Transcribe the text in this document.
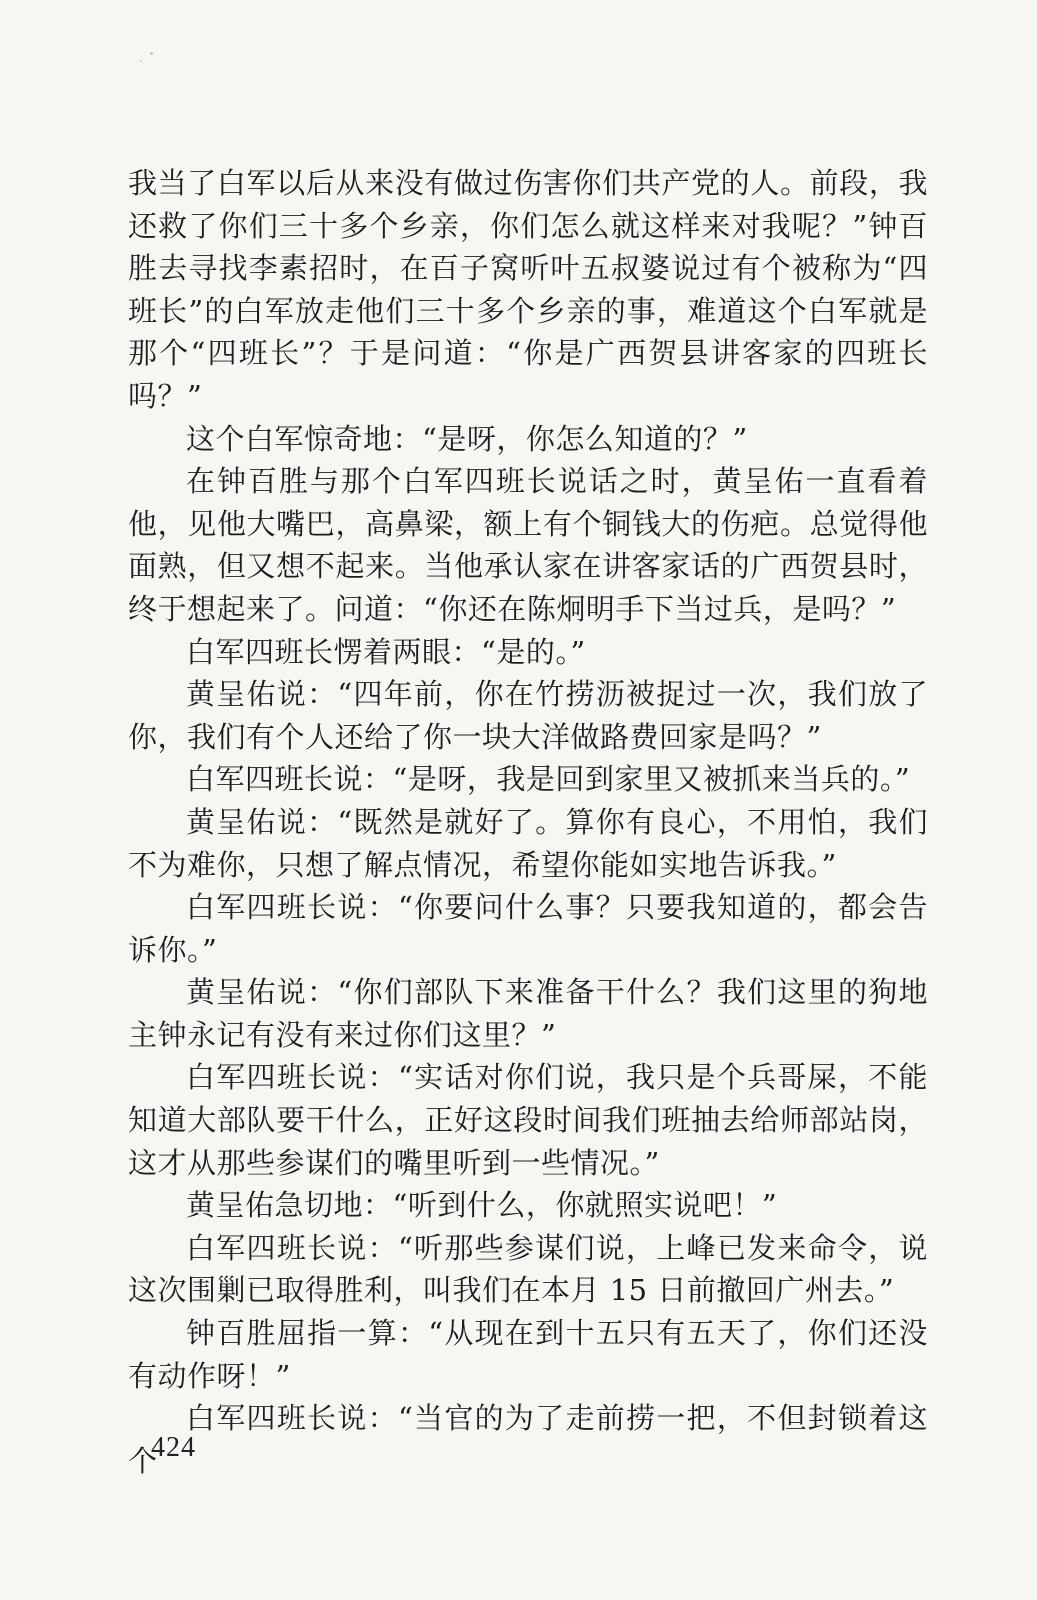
我当了白军以后从来没有做过伤害你们共产党的人。前段，我还救了你们三十多个乡亲，你们怎么就这样来对我呢？”钟百胜去寻找李素招时，在百子窝听叶五叔婆说过有个被称为“四班长”的白军放走他们三十多个乡亲的事，难道这个白军就是那个“四班长”？于是问道：“你是广西贺县讲客家的四班长吗？”

这个白军惊奇地：“是呀，你怎么知道的？”

在钟百胜与那个白军四班长说话之时，黄呈佑一直看着他，见他大嘴巴，高鼻梁，额上有个铜钱大的伤疤。总觉得他面熟，但又想不起来。当他承认家在讲客家话的广西贺县时，终于想起来了。问道：“你还在陈炯明手下当过兵，是吗？”

白军四班长愣着两眼：“是的。”

黄呈佑说：“四年前，你在竹捞沥被捉过一次，我们放了你，我们有个人还给了你一块大洋做路费回家是吗？”

白军四班长说：“是呀，我是回到家里又被抓来当兵的。”

黄呈佑说：“既然是就好了。算你有良心，不用怕，我们不为难你，只想了解点情况，希望你能如实地告诉我。”

白军四班长说：“你要问什么事？只要我知道的，都会告诉你。”

黄呈佑说：“你们部队下来准备干什么？我们这里的狗地主钟永记有没有来过你们这里？”

白军四班长说：“实话对你们说，我只是个兵哥屎，不能知道大部队要干什么，正好这段时间我们班抽去给师部站岗，这才从那些参谋们的嘴里听到一些情况。”

黄呈佑急切地：“听到什么，你就照实说吧！”

白军四班长说：“听那些参谋们说，上峰已发来命令，说这次围剿已取得胜利，叫我们在本月 15 日前撤回广州去。”

钟百胜屈指一算：“从现在到十五只有五天了，你们还没有动作呀！”

白军四班长说：“当官的为了走前捞一把，不但封锁着这个

424
